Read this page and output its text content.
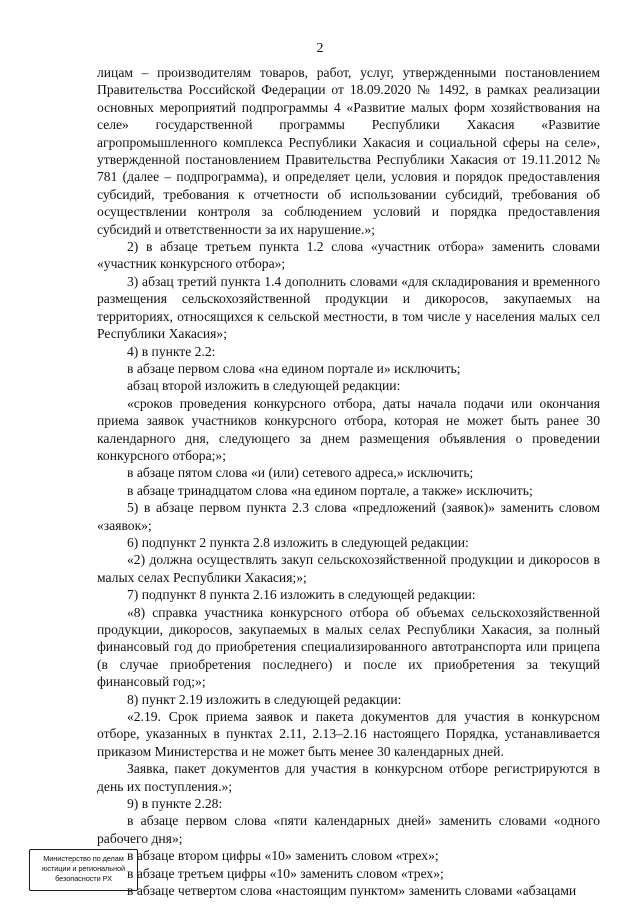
2

лицам – производителям товаров, работ, услуг, утвержденными постановлением Правительства Российской Федерации от 18.09.2020 № 1492, в рамках реализации основных мероприятий подпрограммы 4 «Развитие малых форм хозяйствования на селе» государственной программы Республики Хакасия «Развитие агропромышленного комплекса Республики Хакасия и социальной сферы на селе», утвержденной постановлением Правительства Республики Хакасия от 19.11.2012 № 781 (далее – подпрограмма), и определяет цели, условия и порядок предоставления субсидий, требования к отчетности об использовании субсидий, требования об осуществлении контроля за соблюдением условий и порядка предоставления субсидий и ответственности за их нарушение.»;

2) в абзаце третьем пункта 1.2 слова «участник отбора» заменить словами «участник конкурсного отбора»;

3) абзац третий пункта 1.4 дополнить словами «для складирования и временного размещения сельскохозяйственной продукции и дикоросов, закупаемых на территориях, относящихся к сельской местности, в том числе у населения малых сел Республики Хакасия»;

4) в пункте 2.2:

в абзаце первом слова «на едином портале и» исключить;

абзац второй изложить в следующей редакции:

«сроков проведения конкурсного отбора, даты начала подачи или окончания приема заявок участников конкурсного отбора, которая не может быть ранее 30 календарного дня, следующего за днем размещения объявления о проведении конкурсного отбора;»;

в абзаце пятом слова «и (или) сетевого адреса,» исключить;

в абзаце тринадцатом слова «на едином портале, а также» исключить;

5) в абзаце первом пункта 2.3 слова «предложений (заявок)» заменить словом «заявок»;

6) подпункт 2 пункта 2.8 изложить в следующей редакции:

«2) должна осуществлять закуп сельскохозяйственной продукции и дикоросов в малых селах Республики Хакасия;»;

7) подпункт 8 пункта 2.16 изложить в следующей редакции:

«8) справка участника конкурсного отбора об объемах сельскохозяйственной продукции, дикоросов, закупаемых в малых селах Республики Хакасия, за полный финансовый год до приобретения специализированного автотранспорта или прицепа (в случае приобретения последнего) и после их приобретения за текущий финансовый год;»;

8) пункт 2.19 изложить в следующей редакции:

«2.19. Срок приема заявок и пакета документов для участия в конкурсном отборе, указанных в пунктах 2.11, 2.13–2.16 настоящего Порядка, устанавливается приказом Министерства и не может быть менее 30 календарных дней.

Заявка, пакет документов для участия в конкурсном отборе регистрируются в день их поступления.»;

9) в пункте 2.28:

в абзаце первом слова «пяти календарных дней» заменить словами «одного рабочего дня»;

в абзаце втором цифры «10» заменить словом «трех»;

в абзаце третьем цифры «10» заменить словом «трех»;

в абзаце четвертом слова «настоящим пунктом» заменить словами «абзацами

Министерство по делам
юстиции и региональной
безопасности РХ
